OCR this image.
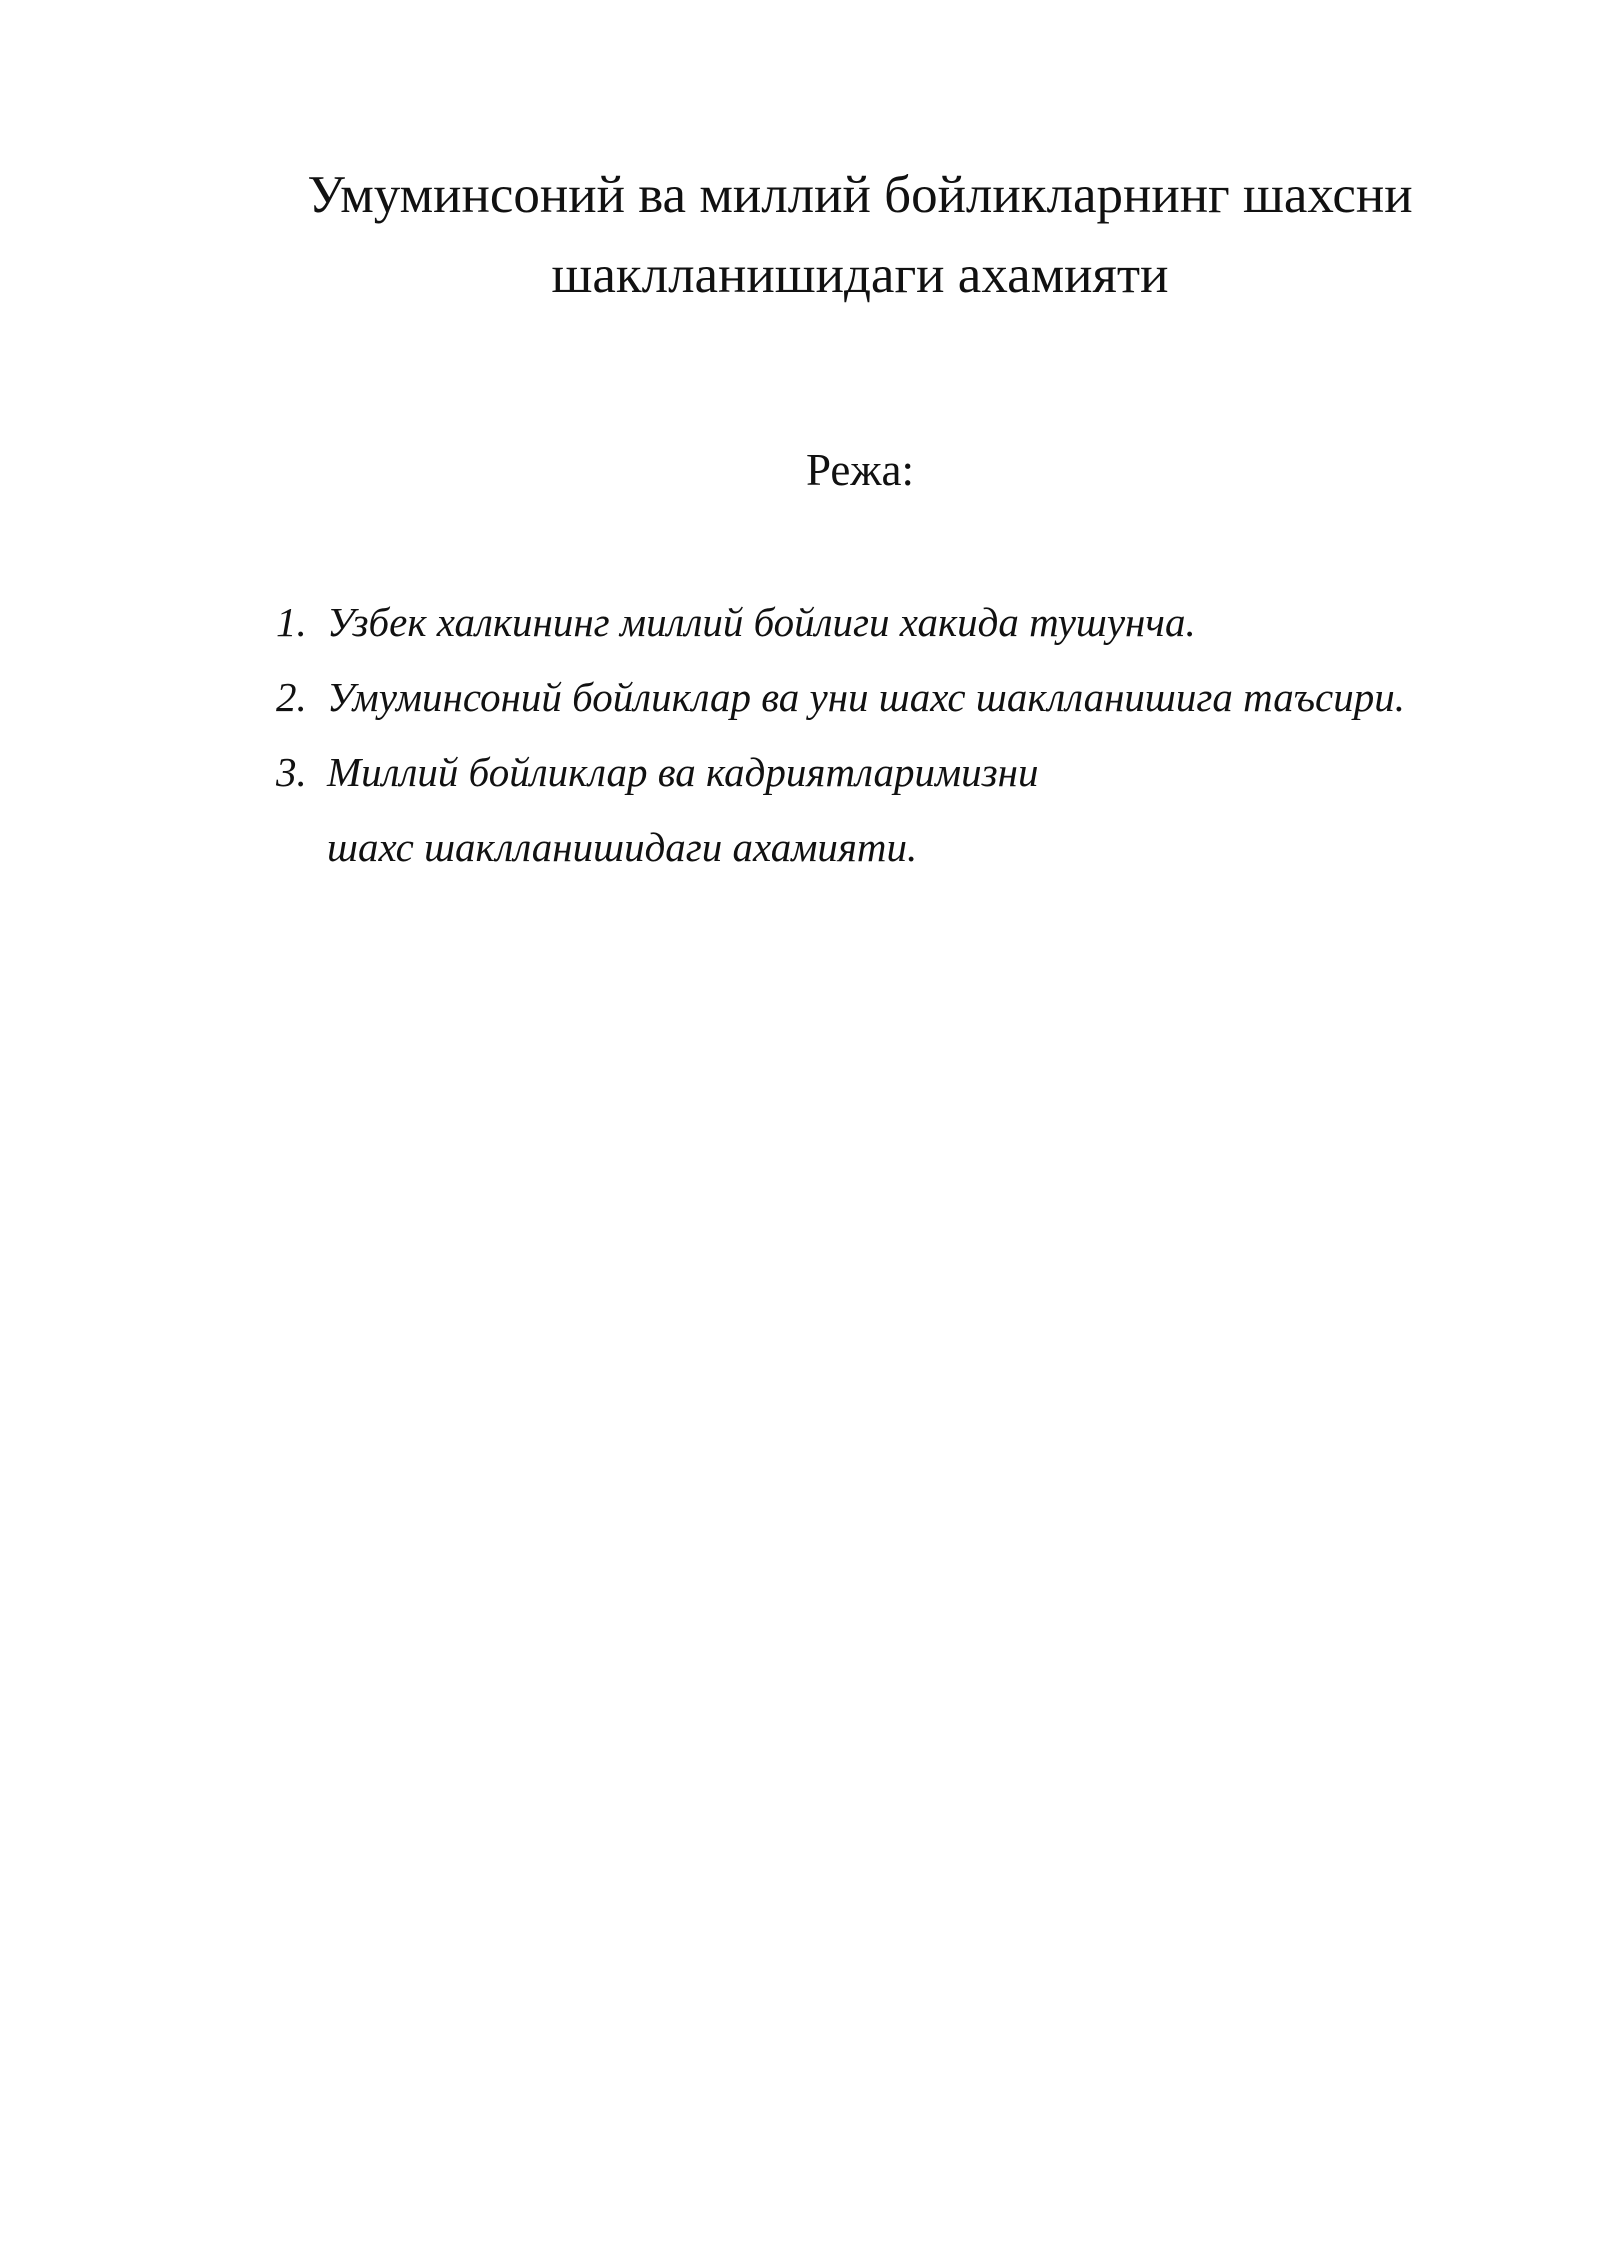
Умуминсоний ва миллий бойликларнинг шахсни
шаклланишидаги ахамияти
Режа:
1. Узбек халкининг миллий бойлиги хакида тушунча.
2. Умуминсоний бойликлар ва уни шахс шаклланишига таъсири.
3. Миллий бойликлар ва кадриятларимизни шахс шаклланишидаги ахамияти.
